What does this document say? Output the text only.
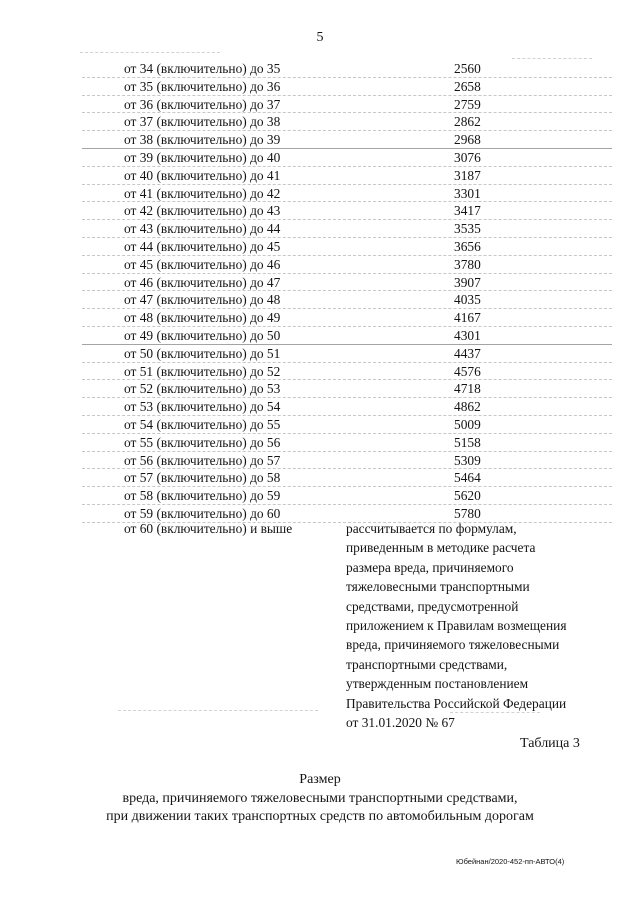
5
от 34 (включительно) до 35	2560
от 35 (включительно) до 36	2658
от 36 (включительно) до 37	2759
от 37 (включительно) до 38	2862
от 38 (включительно) до 39	2968
от 39 (включительно) до 40	3076
от 40 (включительно) до 41	3187
от 41 (включительно) до 42	3301
от 42 (включительно) до 43	3417
от 43 (включительно) до 44	3535
от 44 (включительно) до 45	3656
от 45 (включительно) до 46	3780
от 46 (включительно) до 47	3907
от 47 (включительно) до 48	4035
от 48 (включительно) до 49	4167
от 49 (включительно) до 50	4301
от 50 (включительно) до 51	4437
от 51 (включительно) до 52	4576
от 52 (включительно) до 53	4718
от 53 (включительно) до 54	4862
от 54 (включительно) до 55	5009
от 55 (включительно) до 56	5158
от 56 (включительно) до 57	5309
от 57 (включительно) до 58	5464
от 58 (включительно) до 59	5620
от 59 (включительно) до 60	5780
от 60 (включительно) и выше	рассчитывается по формулам,
приведенным в методике расчета
размера вреда, причиняемого
тяжеловесными транспортными
средствами, предусмотренной
приложением к Правилам возмещения
вреда, причиняемого тяжеловесными
транспортными средствами,
утвержденным постановлением
Правительства Российской Федерации
от 31.01.2020 № 67
Таблица 3
Размер
вреда, причиняемого тяжеловесными транспортными средствами,
при движении таких транспортных средств по автомобильным дорогам
Юбейнан/2020-452-пп-АВТО(4)
